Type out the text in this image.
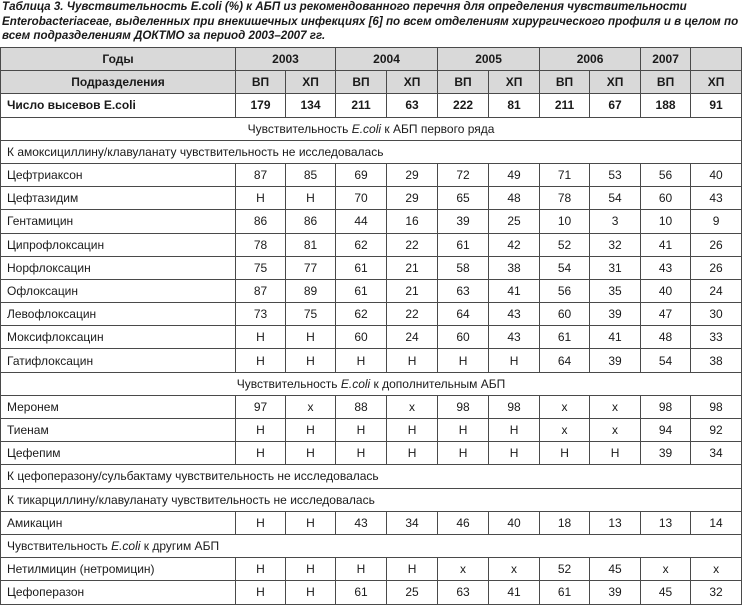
Таблица 3. Чувствительность E.coli (%) к АБП из рекомендованного перечня для определения чувствительности Enterobacteriaceae, выделенных при внекишечных инфекциях [6] по всем отделениям хирургического профиля и в целом по всем подразделениям ДОКТМО за период 2003–2007 гг.
Годы	2003		2004		2005		2006		2007	
Подразделения	ВП	ХП	ВП	ХП	ВП	ХП	ВП	ХП	ВП	ХП
Число высевов E.coli	179	134	211	63	222	81	211	67	188	91
Чувствительность E.coli к АБП первого ряда										
К амоксициллину/клавуланату чувствительность не исследовалась										
Цефтриаксон	87	85	69	29	72	49	71	53	56	40
Цефтазидим	Н	Н	70	29	65	48	78	54	60	43
Гентамицин	86	86	44	16	39	25	10	3	10	9
Ципрофлоксацин	78	81	62	22	61	42	52	32	41	26
Норфлоксацин	75	77	61	21	58	38	54	31	43	26
Офлоксацин	87	89	61	21	63	41	56	35	40	24
Левофлоксацин	73	75	62	22	64	43	60	39	47	30
Моксифлоксацин	Н	Н	60	24	60	43	61	41	48	33
Гатифлоксацин	Н	Н	Н	Н	Н	Н	64	39	54	38
Чувствительность E.coli к дополнительным АБП										
Меронем	97	х	88	х	98	98	х	х	98	98
Тиенам	Н	Н	Н	Н	Н	Н	х	х	94	92
Цефепим	Н	Н	Н	Н	Н	Н	Н	Н	39	34
К цефоперазону/сульбактаму чувствительность не исследовалась										
К тикарциллину/клавуланату чувствительность не исследовалась										
Амикацин	Н	Н	43	34	46	40	18	13	13	14
Чувствительность E.coli к другим АБП										
Нетилмицин (нетромицин)	Н	Н	Н	Н	х	х	52	45	х	х
Цефоперазон	Н	Н	61	25	63	41	61	39	45	32
